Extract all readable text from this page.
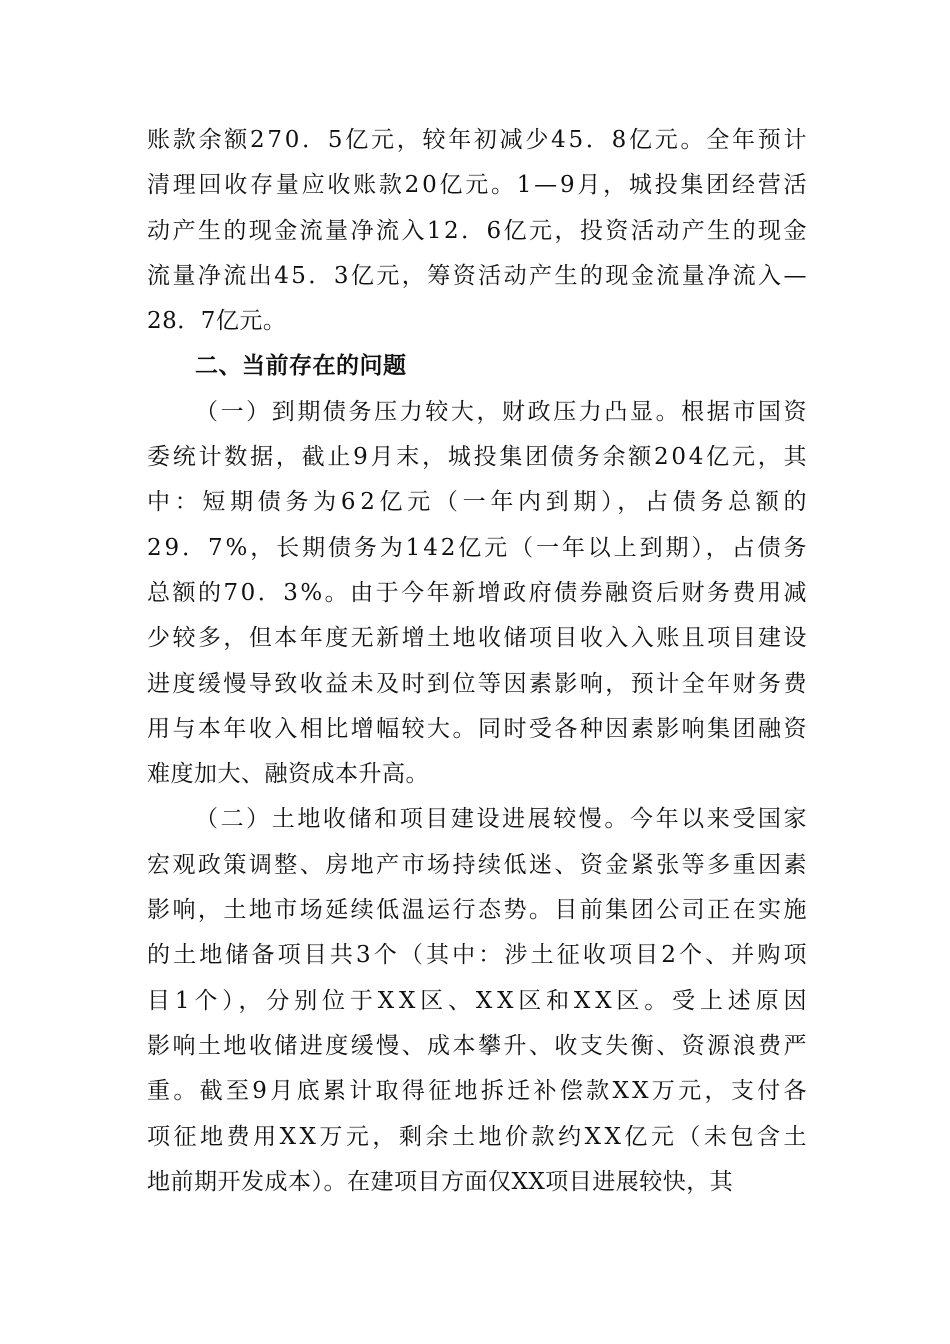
账款余额270．5亿元，较年初减少45．8亿元。全年预计
清理回收存量应收账款20亿元。1—9月，城投集团经营活
动产生的现金流量净流入12．6亿元，投资活动产生的现金
流量净流出45．3亿元，筹资活动产生的现金流量净流入—
28．7亿元。
二、当前存在的问题
（一）到期债务压力较大，财政压力凸显。根据市国资
委统计数据，截止9月末，城投集团债务余额204亿元，其
中：短期债务为62亿元（一年内到期），占债务总额的
29．7%，长期债务为142亿元（一年以上到期），占债务
总额的70．3%。由于今年新增政府债券融资后财务费用减
少较多，但本年度无新增土地收储项目收入入账且项目建设
进度缓慢导致收益未及时到位等因素影响，预计全年财务费
用与本年收入相比增幅较大。同时受各种因素影响集团融资
难度加大、融资成本升高。
（二）土地收储和项目建设进展较慢。今年以来受国家
宏观政策调整、房地产市场持续低迷、资金紧张等多重因素
影响，土地市场延续低温运行态势。目前集团公司正在实施
的土地储备项目共3个（其中：涉土征收项目2个、并购项
目1个），分别位于XX区、XX区和XX区。受上述原因
影响土地收储进度缓慢、成本攀升、收支失衡、资源浪费严
重。截至9月底累计取得征地拆迁补偿款XX万元，支付各
项征地费用XX万元，剩余土地价款约XX亿元（未包含土
地前期开发成本）。在建项目方面仅XX项目进展较快，其
